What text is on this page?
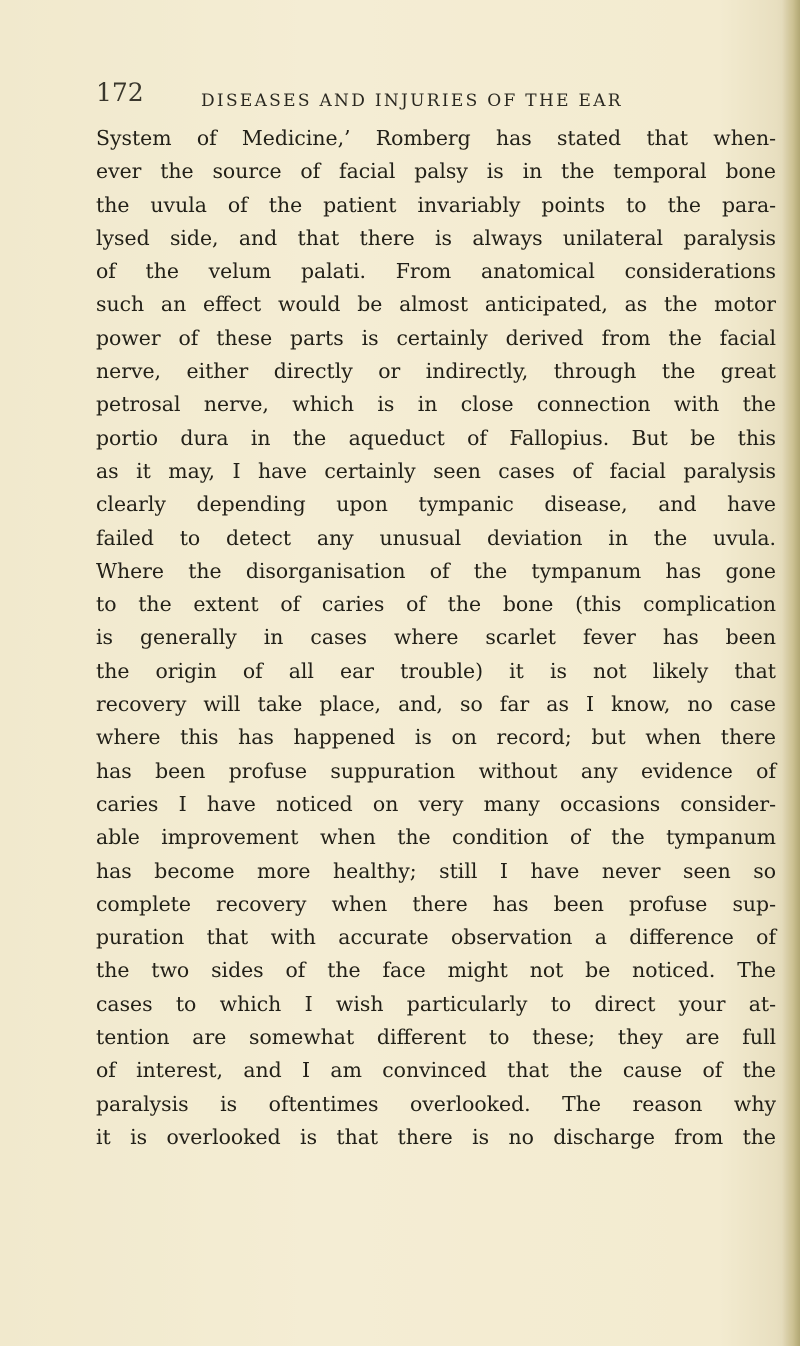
172	DISEASES AND INJURIES OF THE EAR
System of Medicine,’ Romberg has stated that when-
ever the source of facial palsy is in the temporal bone
the uvula of the patient invariably points to the para-
lysed side, and that there is always unilateral paralysis
of the velum palati. From anatomical considerations
such an effect would be almost anticipated, as the motor
power of these parts is certainly derived from the facial
nerve, either directly or indirectly, through the great
petrosal nerve, which is in close connection with the
portio dura in the aqueduct of Fallopius. But be this
as it may, I have certainly seen cases of facial paralysis
clearly depending upon tympanic disease, and have
failed to detect any unusual deviation in the uvula.
Where the disorganisation of the tympanum has gone
to the extent of caries of the bone (this complication
is generally in cases where scarlet fever has been
the origin of all ear trouble) it is not likely that
recovery will take place, and, so far as I know, no case
where this has happened is on record; but when there
has been profuse suppuration without any evidence of
caries I have noticed on very many occasions consider-
able improvement when the condition of the tympanum
has become more healthy; still I have never seen so
complete recovery when there has been profuse sup-
puration that with accurate observation a difference of
the two sides of the face might not be noticed. The
cases to which I wish particularly to direct your at-
tention are somewhat different to these; they are full
of interest, and I am convinced that the cause of the
paralysis is oftentimes overlooked. The reason why
it is overlooked is that there is no discharge from the
